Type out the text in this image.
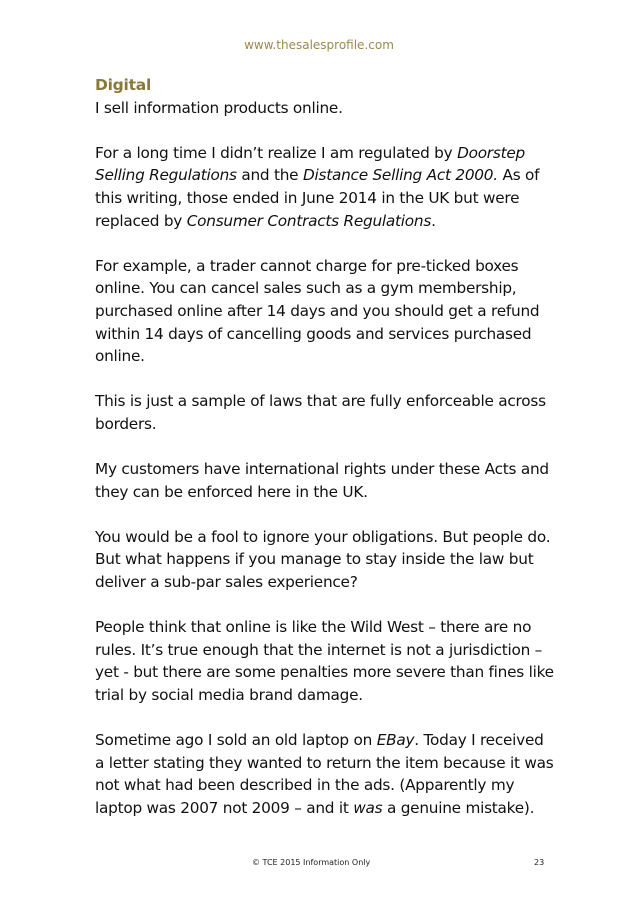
www.thesalesprofile.com
Digital

I sell information products online.

For a long time I didn’t realize I am regulated by Doorstep Selling Regulations and the Distance Selling Act 2000. As of this writing, those ended in June 2014 in the UK but were replaced by Consumer Contracts Regulations.

For example, a trader cannot charge for pre-ticked boxes online. You can cancel sales such as a gym membership, purchased online after 14 days and you should get a refund within 14 days of cancelling goods and services purchased online.

This is just a sample of laws that are fully enforceable across borders.

My customers have international rights under these Acts and they can be enforced here in the UK.

You would be a fool to ignore your obligations. But people do. But what happens if you manage to stay inside the law but deliver a sub-par sales experience?

People think that online is like the Wild West – there are no rules. It’s true enough that the internet is not a jurisdiction – yet - but there are some penalties more severe than fines like trial by social media brand damage.

Sometime ago I sold an old laptop on EBay. Today I received a letter stating they wanted to return the item because it was not what had been described in the ads. (Apparently my laptop was 2007 not 2009 – and it was a genuine mistake).

© TCE 2015 Information Only	23
